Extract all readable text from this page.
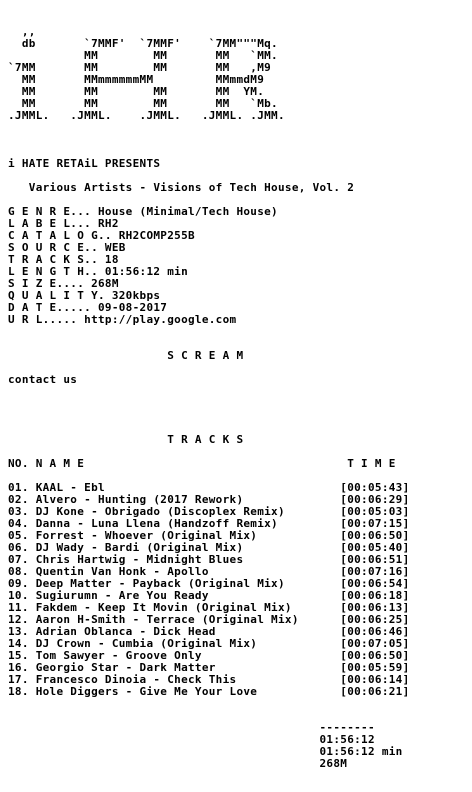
,,
db       `7MMF'  `7MMF'    `7MM"""Mq.
MM        MM       MM   `MM.
`7MM       MM        MM       MM   ,M9
MM       MMmmmmmmMM         MMmmdM9
MM       MM        MM       MM  YM.
MM       MM        MM       MM   `Mb.
.JMML.   .JMML.    .JMML.   .JMML. .JMM.
i HATE RETAiL PRESENTS
Various Artists - Visions of Tech House, Vol. 2
G E N R E... House (Minimal/Tech House)
L A B E L... RH2
C A T A L O G.. RH2COMP255B
S O U R C E.. WEB
T R A C K S.. 18
L E N G T H.. 01:56:12 min
S I Z E.... 268M
Q U A L I T Y. 320kbps
D A T E..... 09-08-2017
U R L..... http://play.google.com
S C R E A M
contact us
T R A C K S
NO. N A M E                                      T I M E
01. KAAL - Ebl                                  [00:05:43]
02. Alvero - Hunting (2017 Rework)              [00:06:29]
03. DJ Kone - Obrigado (Discoplex Remix)        [00:05:03]
04. Danna - Luna Llena (Handzoff Remix)         [00:07:15]
05. Forrest - Whoever (Original Mix)            [00:06:50]
06. DJ Wady - Bardi (Original Mix)              [00:05:40]
07. Chris Hartwig - Midnight Blues              [00:06:51]
08. Quentin Van Honk - Apollo                   [00:07:16]
09. Deep Matter - Payback (Original Mix)        [00:06:54]
10. Sugiurumn - Are You Ready                   [00:06:18]
11. Fakdem - Keep It Movin (Original Mix)       [00:06:13]
12. Aaron H-Smith - Terrace (Original Mix)      [00:06:25]
13. Adrian Oblanca - Dick Head                  [00:06:46]
14. DJ Crown - Cumbia (Original Mix)            [00:07:05]
15. Tom Sawyer - Groove Only                    [00:06:50]
16. Georgio Star - Dark Matter                  [00:05:59]
17. Francesco Dinoia - Check This               [00:06:14]
18. Hole Diggers - Give Me Your Love            [00:06:21]
--------
01:56:12
01:56:12 min
268M
